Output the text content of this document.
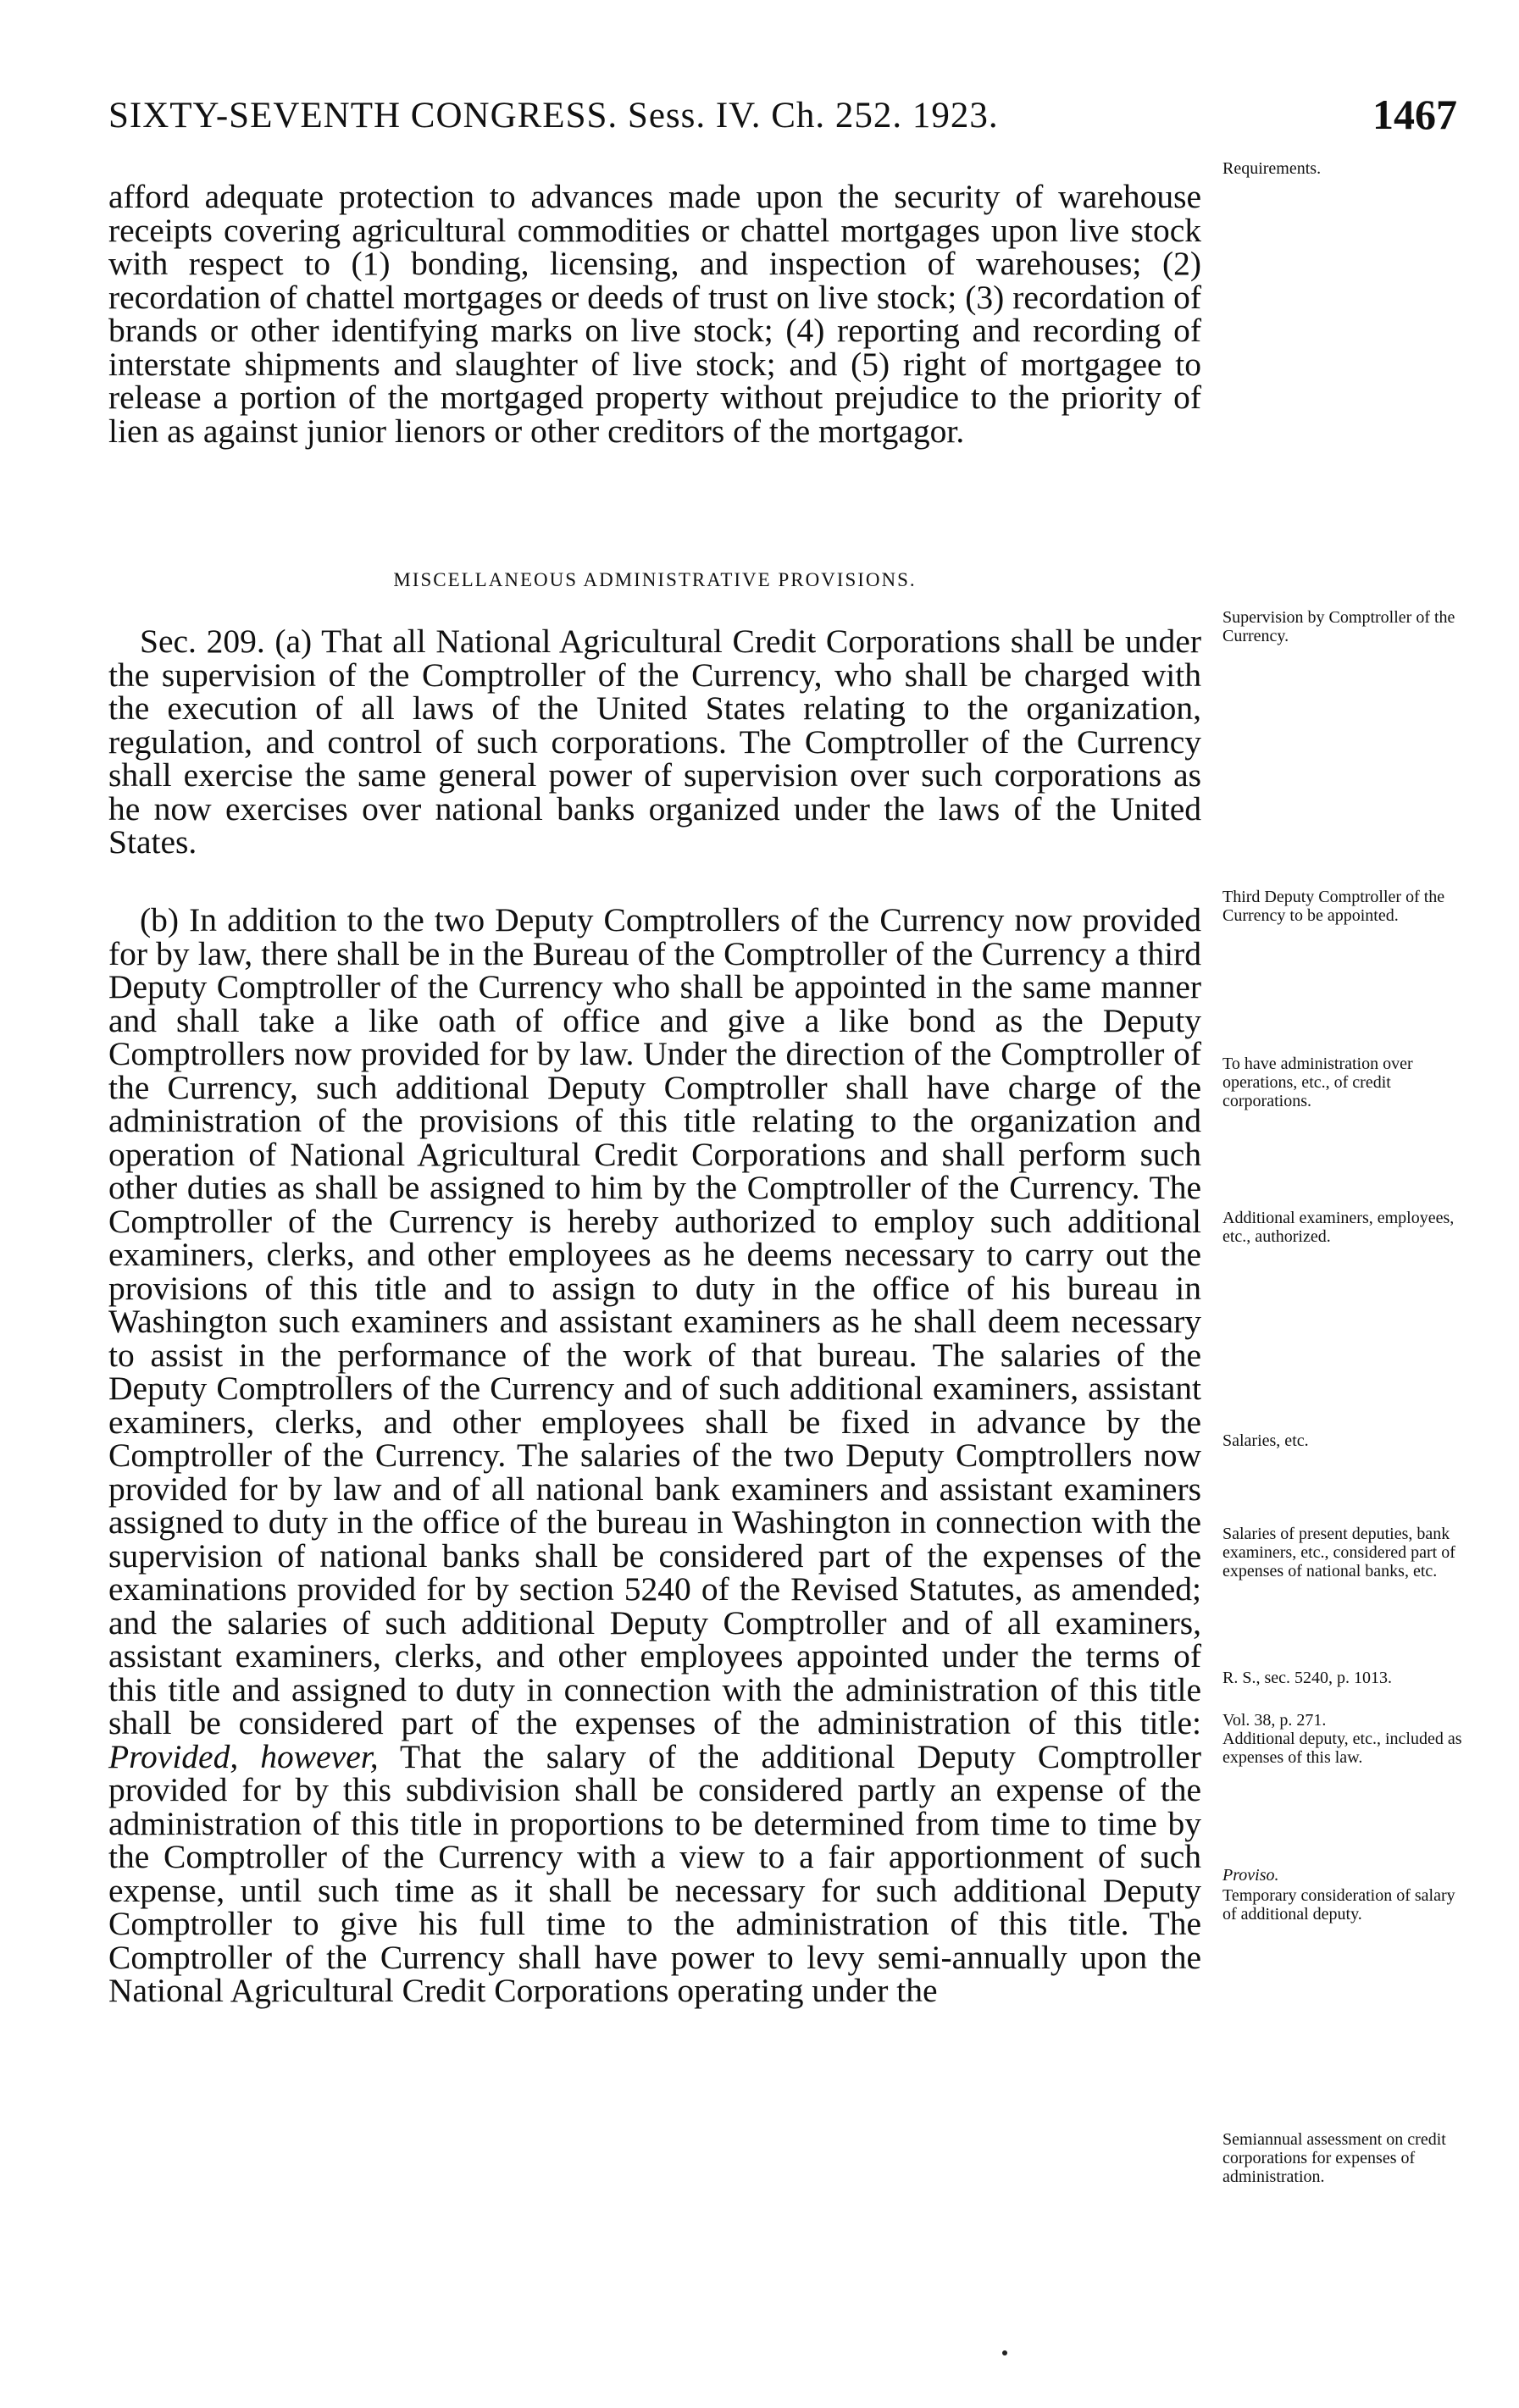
SIXTY-SEVENTH CONGRESS. Sess. IV. Ch. 252. 1923.	1467

afford adequate protection to advances made upon the security of warehouse receipts covering agricultural commodities or chattel mortgages upon live stock with respect to (1) bonding, licensing, and inspection of warehouses; (2) recordation of chattel mortgages or deeds of trust on live stock; (3) recordation of brands or other identifying marks on live stock; (4) reporting and recording of interstate shipments and slaughter of live stock; and (5) right of mortgagee to release a portion of the mortgaged property without prejudice to the priority of lien as against junior lienors or other creditors of the mortgagor.

MISCELLANEOUS ADMINISTRATIVE PROVISIONS.

Sec. 209. (a) That all National Agricultural Credit Corporations shall be under the supervision of the Comptroller of the Currency, who shall be charged with the execution of all laws of the United States relating to the organization, regulation, and control of such corporations. The Comptroller of the Currency shall exercise the same general power of supervision over such corporations as he now exercises over national banks organized under the laws of the United States.

(b) In addition to the two Deputy Comptrollers of the Currency now provided for by law, there shall be in the Bureau of the Comptroller of the Currency a third Deputy Comptroller of the Currency who shall be appointed in the same manner and shall take a like oath of office and give a like bond as the Deputy Comptrollers now provided for by law. Under the direction of the Comptroller of the Currency, such additional Deputy Comptroller shall have charge of the administration of the provisions of this title relating to the organization and operation of National Agricultural Credit Corporations and shall perform such other duties as shall be assigned to him by the Comptroller of the Currency. The Comptroller of the Currency is hereby authorized to employ such additional examiners, clerks, and other employees as he deems necessary to carry out the provisions of this title and to assign to duty in the office of his bureau in Washington such examiners and assistant examiners as he shall deem necessary to assist in the performance of the work of that bureau. The salaries of the Deputy Comptrollers of the Currency and of such additional examiners, assistant examiners, clerks, and other employees shall be fixed in advance by the Comptroller of the Currency. The salaries of the two Deputy Comptrollers now provided for by law and of all national bank examiners and assistant examiners assigned to duty in the office of the bureau in Washington in connection with the supervision of national banks shall be considered part of the expenses of the examinations provided for by section 5240 of the Revised Statutes, as amended; and the salaries of such additional Deputy Comptroller and of all examiners, assistant examiners, clerks, and other employees appointed under the terms of this title and assigned to duty in connection with the administration of this title shall be considered part of the expenses of the administration of this title: Provided, however, That the salary of the additional Deputy Comptroller provided for by this subdivision shall be considered partly an expense of the administration of this title in proportions to be determined from time to time by the Comptroller of the Currency with a view to a fair apportionment of such expense, until such time as it shall be necessary for such additional Deputy Comptroller to give his full time to the administration of this title. The Comptroller of the Currency shall have power to levy semi-annually upon the National Agricultural Credit Corporations operating under the

Requirements.

Supervision by Comptroller of the Currency.

Third Deputy Comptroller of the Currency to be appointed.

To have administration over operations, etc., of credit corporations.

Additional examiners, employees, etc., authorized.

Salaries, etc.

Salaries of present deputies, bank examiners, etc., considered part of expenses of national banks, etc.

R. S., sec. 5240, p. 1013.

Vol. 38, p. 271.

Additional deputy, etc., included as expenses of this law.

Proviso.

Temporary consideration of salary of additional deputy.

Semiannual assessment on credit corporations for expenses of administration.
